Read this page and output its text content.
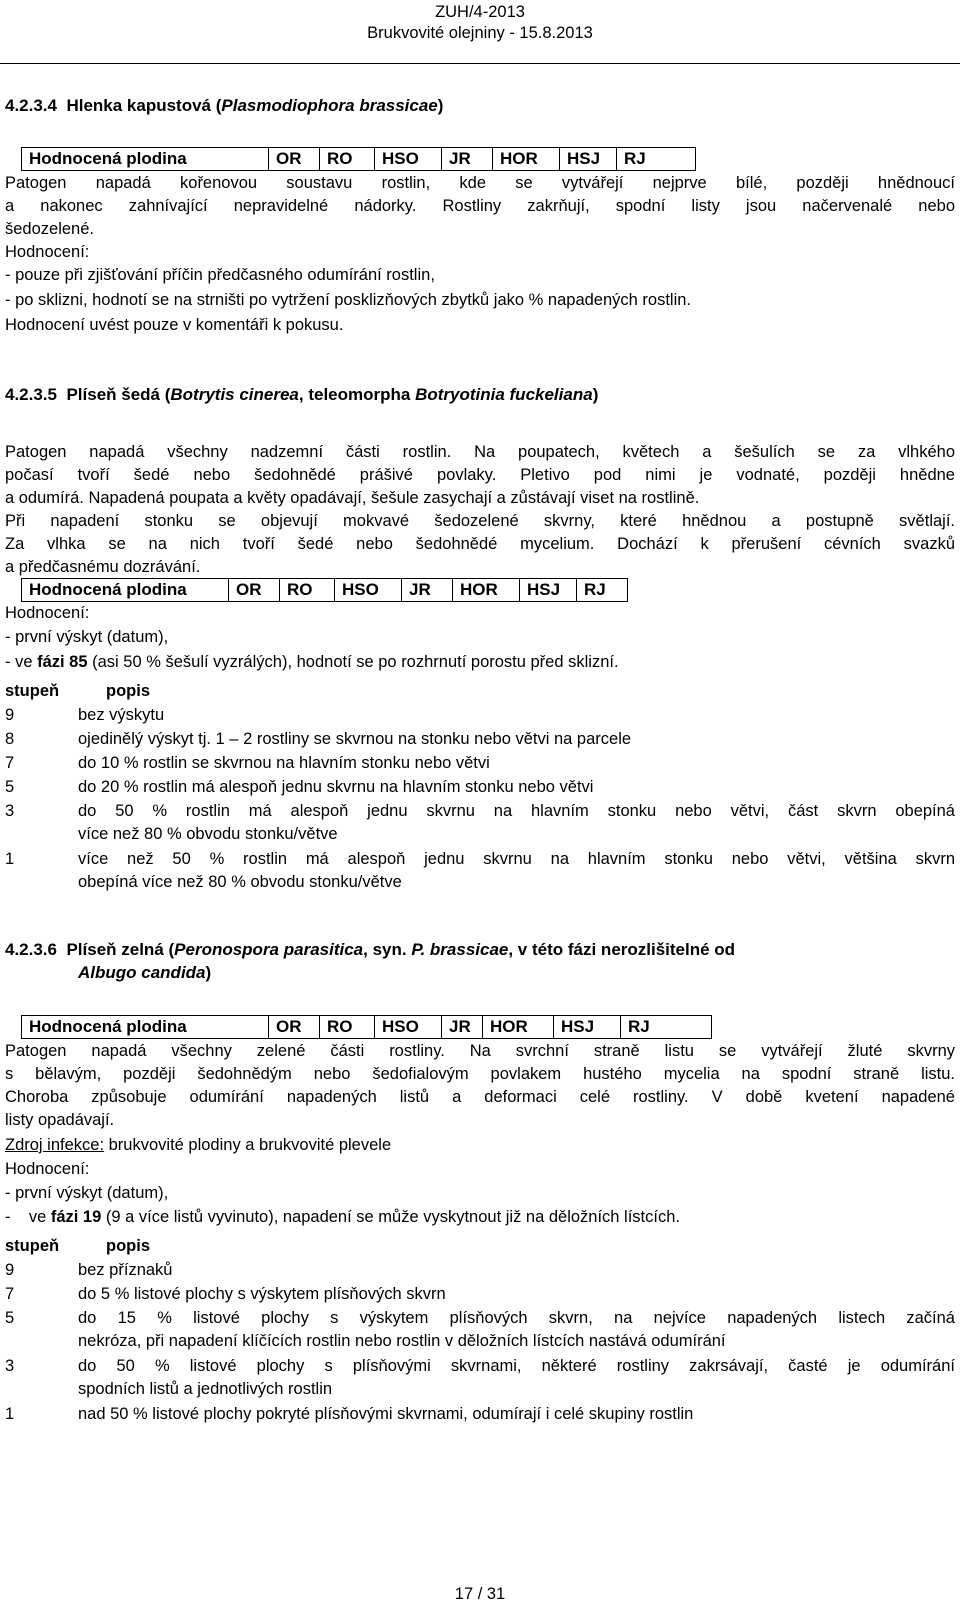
ZUH/4-2013
Brukvovité olejniny - 15.8.2013
4.2.3.4 Hlenka kapustová (Plasmodiophora brassicae)
Hodnocená plodina	OR	RO	HSO	JR	HOR	HSJ	RJ
Patogen napadá kořenovou soustavu rostlin, kde se vytvářejí nejprve bílé, později hnědnoucí
a nakonec zahnívající nepravidelné nádorky. Rostliny zakrňují, spodní listy jsou načervenalé nebo
šedozelené.
Hodnocení:
- pouze při zjišťování příčin předčasného odumírání rostlin,
- po sklizni, hodnotí se na strništi po vytržení posklizňových zbytků jako % napadených rostlin.
Hodnocení uvést pouze v komentáři k pokusu.
4.2.3.5 Plíseň šedá (Botrytis cinerea, teleomorpha Botryotinia fuckeliana)
Patogen napadá všechny nadzemní části rostlin. Na poupatech, květech a šešulích se za vlhkého
počasí tvoří šedé nebo šedohnědé prášivé povlaky. Pletivo pod nimi je vodnaté, později hnědne
a odumírá. Napadená poupata a květy opadávají, šešule zasychají a zůstávají viset na rostlině.
Při napadení stonku se objevují mokvavé šedozelené skvrny, které hnědnou a postupně světlají.
Za vlhka se na nich tvoří šedé nebo šedohnědé mycelium. Dochází k přerušení cévních svazků
a předčasnému dozrávání.
Hodnocená plodina	OR	RO	HSO	JR	HOR	HSJ	RJ
Hodnocení:
- první výskyt (datum),
- ve fázi 85 (asi 50 % šešulí vyzrálých), hodnotí se po rozhrnutí porostu před sklizní.
stupeň	popis
9	bez výskytu
8	ojedinělý výskyt tj. 1 – 2 rostliny se skvrnou na stonku nebo větvi na parcele
7	do 10 % rostlin se skvrnou na hlavním stonku nebo větvi
5	do 20 % rostlin má alespoň jednu skvrnu na hlavním stonku nebo větvi
3	do 50 % rostlin má alespoň jednu skvrnu na hlavním stonku nebo větvi, část skvrn obepíná
více než 80 % obvodu stonku/větve
1	více než 50 % rostlin má alespoň jednu skvrnu na hlavním stonku nebo větvi, většina skvrn
obepíná více než 80 % obvodu stonku/větve
4.2.3.6 Plíseň zelná (Peronospora parasitica, syn. P. brassicae, v této fázi nerozlišitelné od
Albugo candida)
Hodnocená plodina	OR	RO	HSO	JR	HOR	HSJ	RJ
Patogen napadá všechny zelené části rostliny. Na svrchní straně listu se vytvářejí žluté skvrny
s bělavým, později šedohnědým nebo šedofialovým povlakem hustého mycelia na spodní straně listu.
Choroba způsobuje odumírání napadených listů a deformaci celé rostliny. V době kvetení napadené
listy opadávají.
Zdroj infekce: brukvovité plodiny a brukvovité plevele
Hodnocení:
- první výskyt (datum),
-    ve fázi 19 (9 a více listů vyvinuto), napadení se může vyskytnout již na děložních lístcích.
stupeň	popis
9	bez příznaků
7	do 5 % listové plochy s výskytem plísňových skvrn
5	do 15 % listové plochy s výskytem plísňových skvrn, na nejvíce napadených listech začíná
nekróza, při napadení klíčících rostlin nebo rostlin v děložních lístcích nastává odumírání
3	do 50 % listové plochy s plísňovými skvrnami, některé rostliny zakrsávají, časté je odumírání
spodních listů a jednotlivých rostlin
1	nad 50 % listové plochy pokryté plísňovými skvrnami, odumírají i celé skupiny rostlin
17 / 31
